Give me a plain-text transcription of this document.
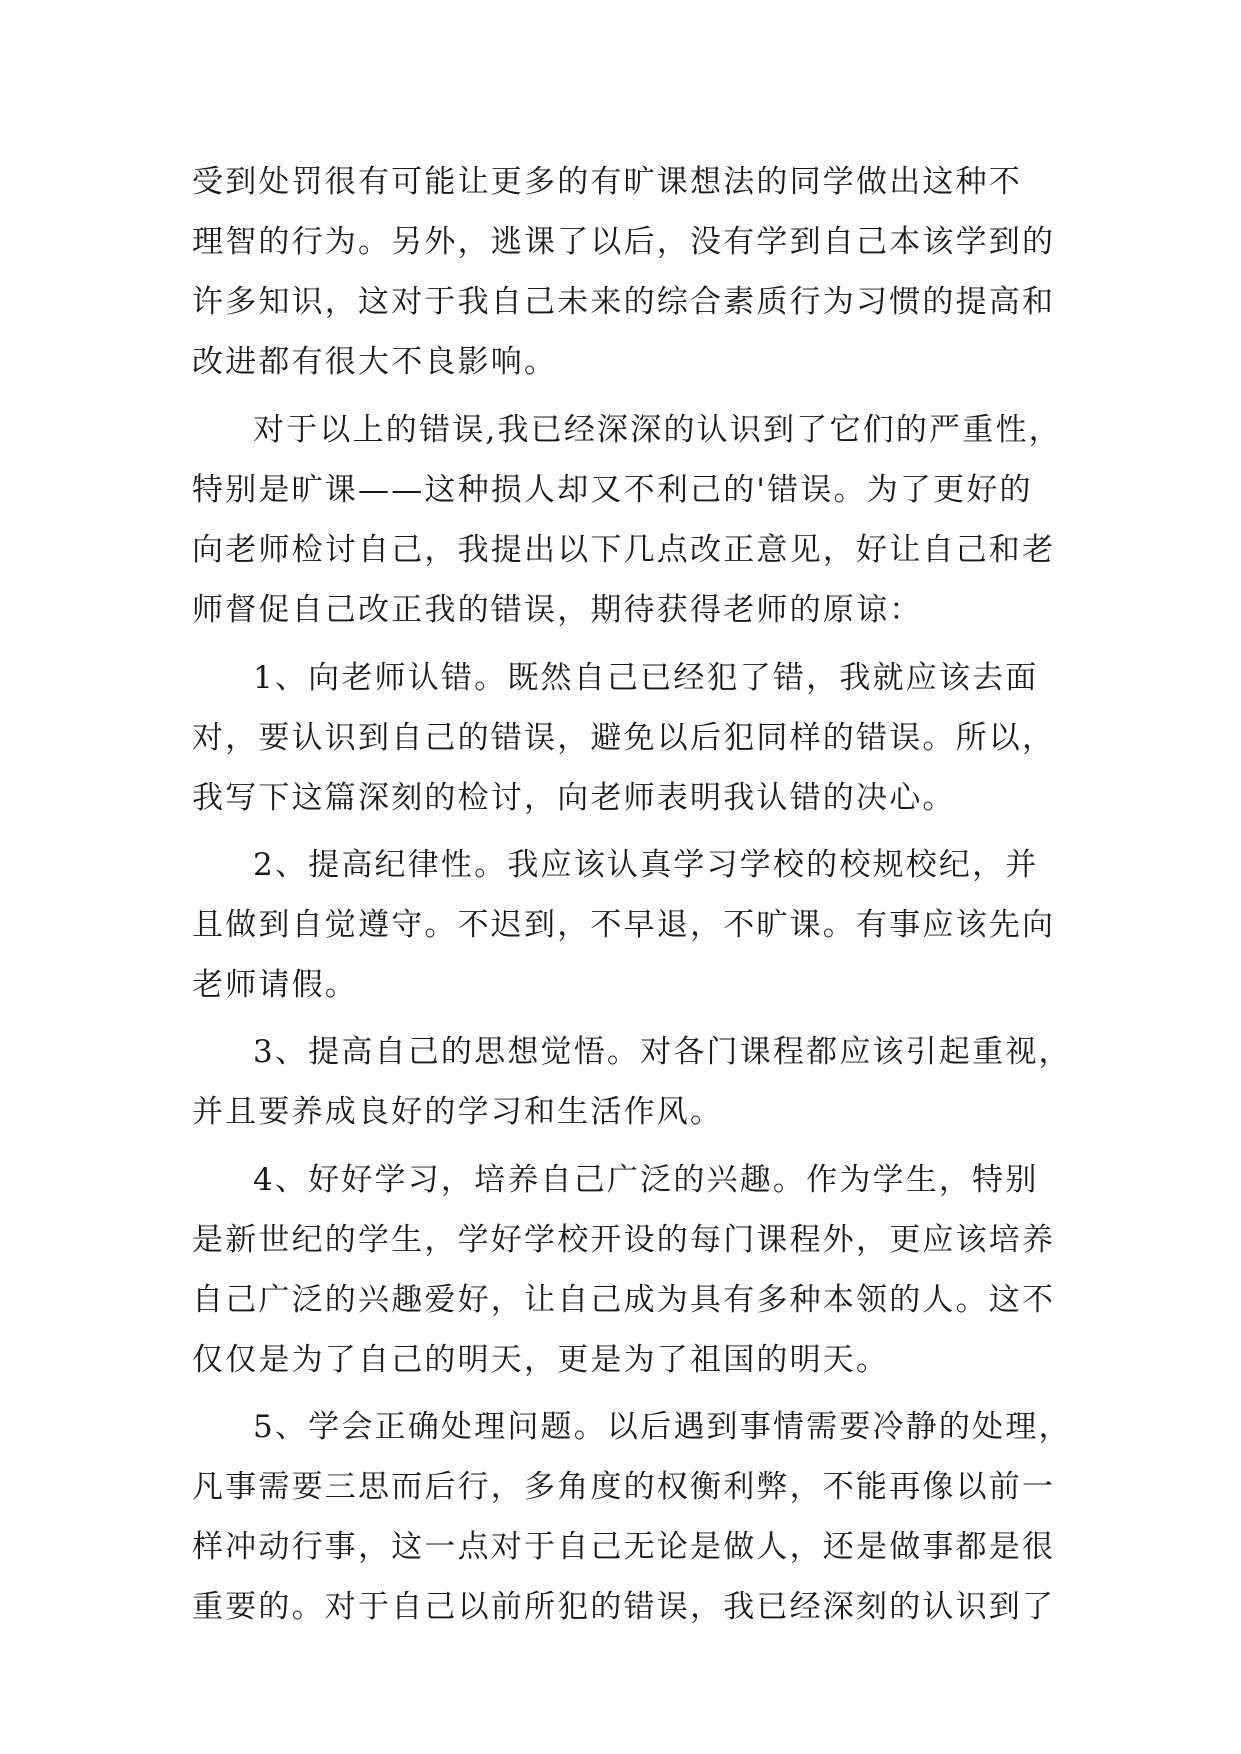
受到处罚很有可能让更多的有旷课想法的同学做出这种不
理智的行为。另外，逃课了以后，没有学到自己本该学到的
许多知识，这对于我自己未来的综合素质行为习惯的提高和
改进都有很大不良影响。
对于以上的错误,我已经深深的认识到了它们的严重性，
特别是旷课——这种损人却又不利己的'错误。为了更好的
向老师检讨自己，我提出以下几点改正意见，好让自己和老
师督促自己改正我的错误，期待获得老师的原谅：
1、向老师认错。既然自己已经犯了错，我就应该去面
对，要认识到自己的错误，避免以后犯同样的错误。所以，
我写下这篇深刻的检讨，向老师表明我认错的决心。
2、提高纪律性。我应该认真学习学校的校规校纪，并
且做到自觉遵守。不迟到，不早退，不旷课。有事应该先向
老师请假。
3、提高自己的思想觉悟。对各门课程都应该引起重视，
并且要养成良好的学习和生活作风。
4、好好学习，培养自己广泛的兴趣。作为学生，特别
是新世纪的学生，学好学校开设的每门课程外，更应该培养
自己广泛的兴趣爱好，让自己成为具有多种本领的人。这不
仅仅是为了自己的明天，更是为了祖国的明天。
5、学会正确处理问题。以后遇到事情需要冷静的处理，
凡事需要三思而后行，多角度的权衡利弊，不能再像以前一
样冲动行事，这一点对于自己无论是做人，还是做事都是很
重要的。对于自己以前所犯的错误，我已经深刻的认识到了
